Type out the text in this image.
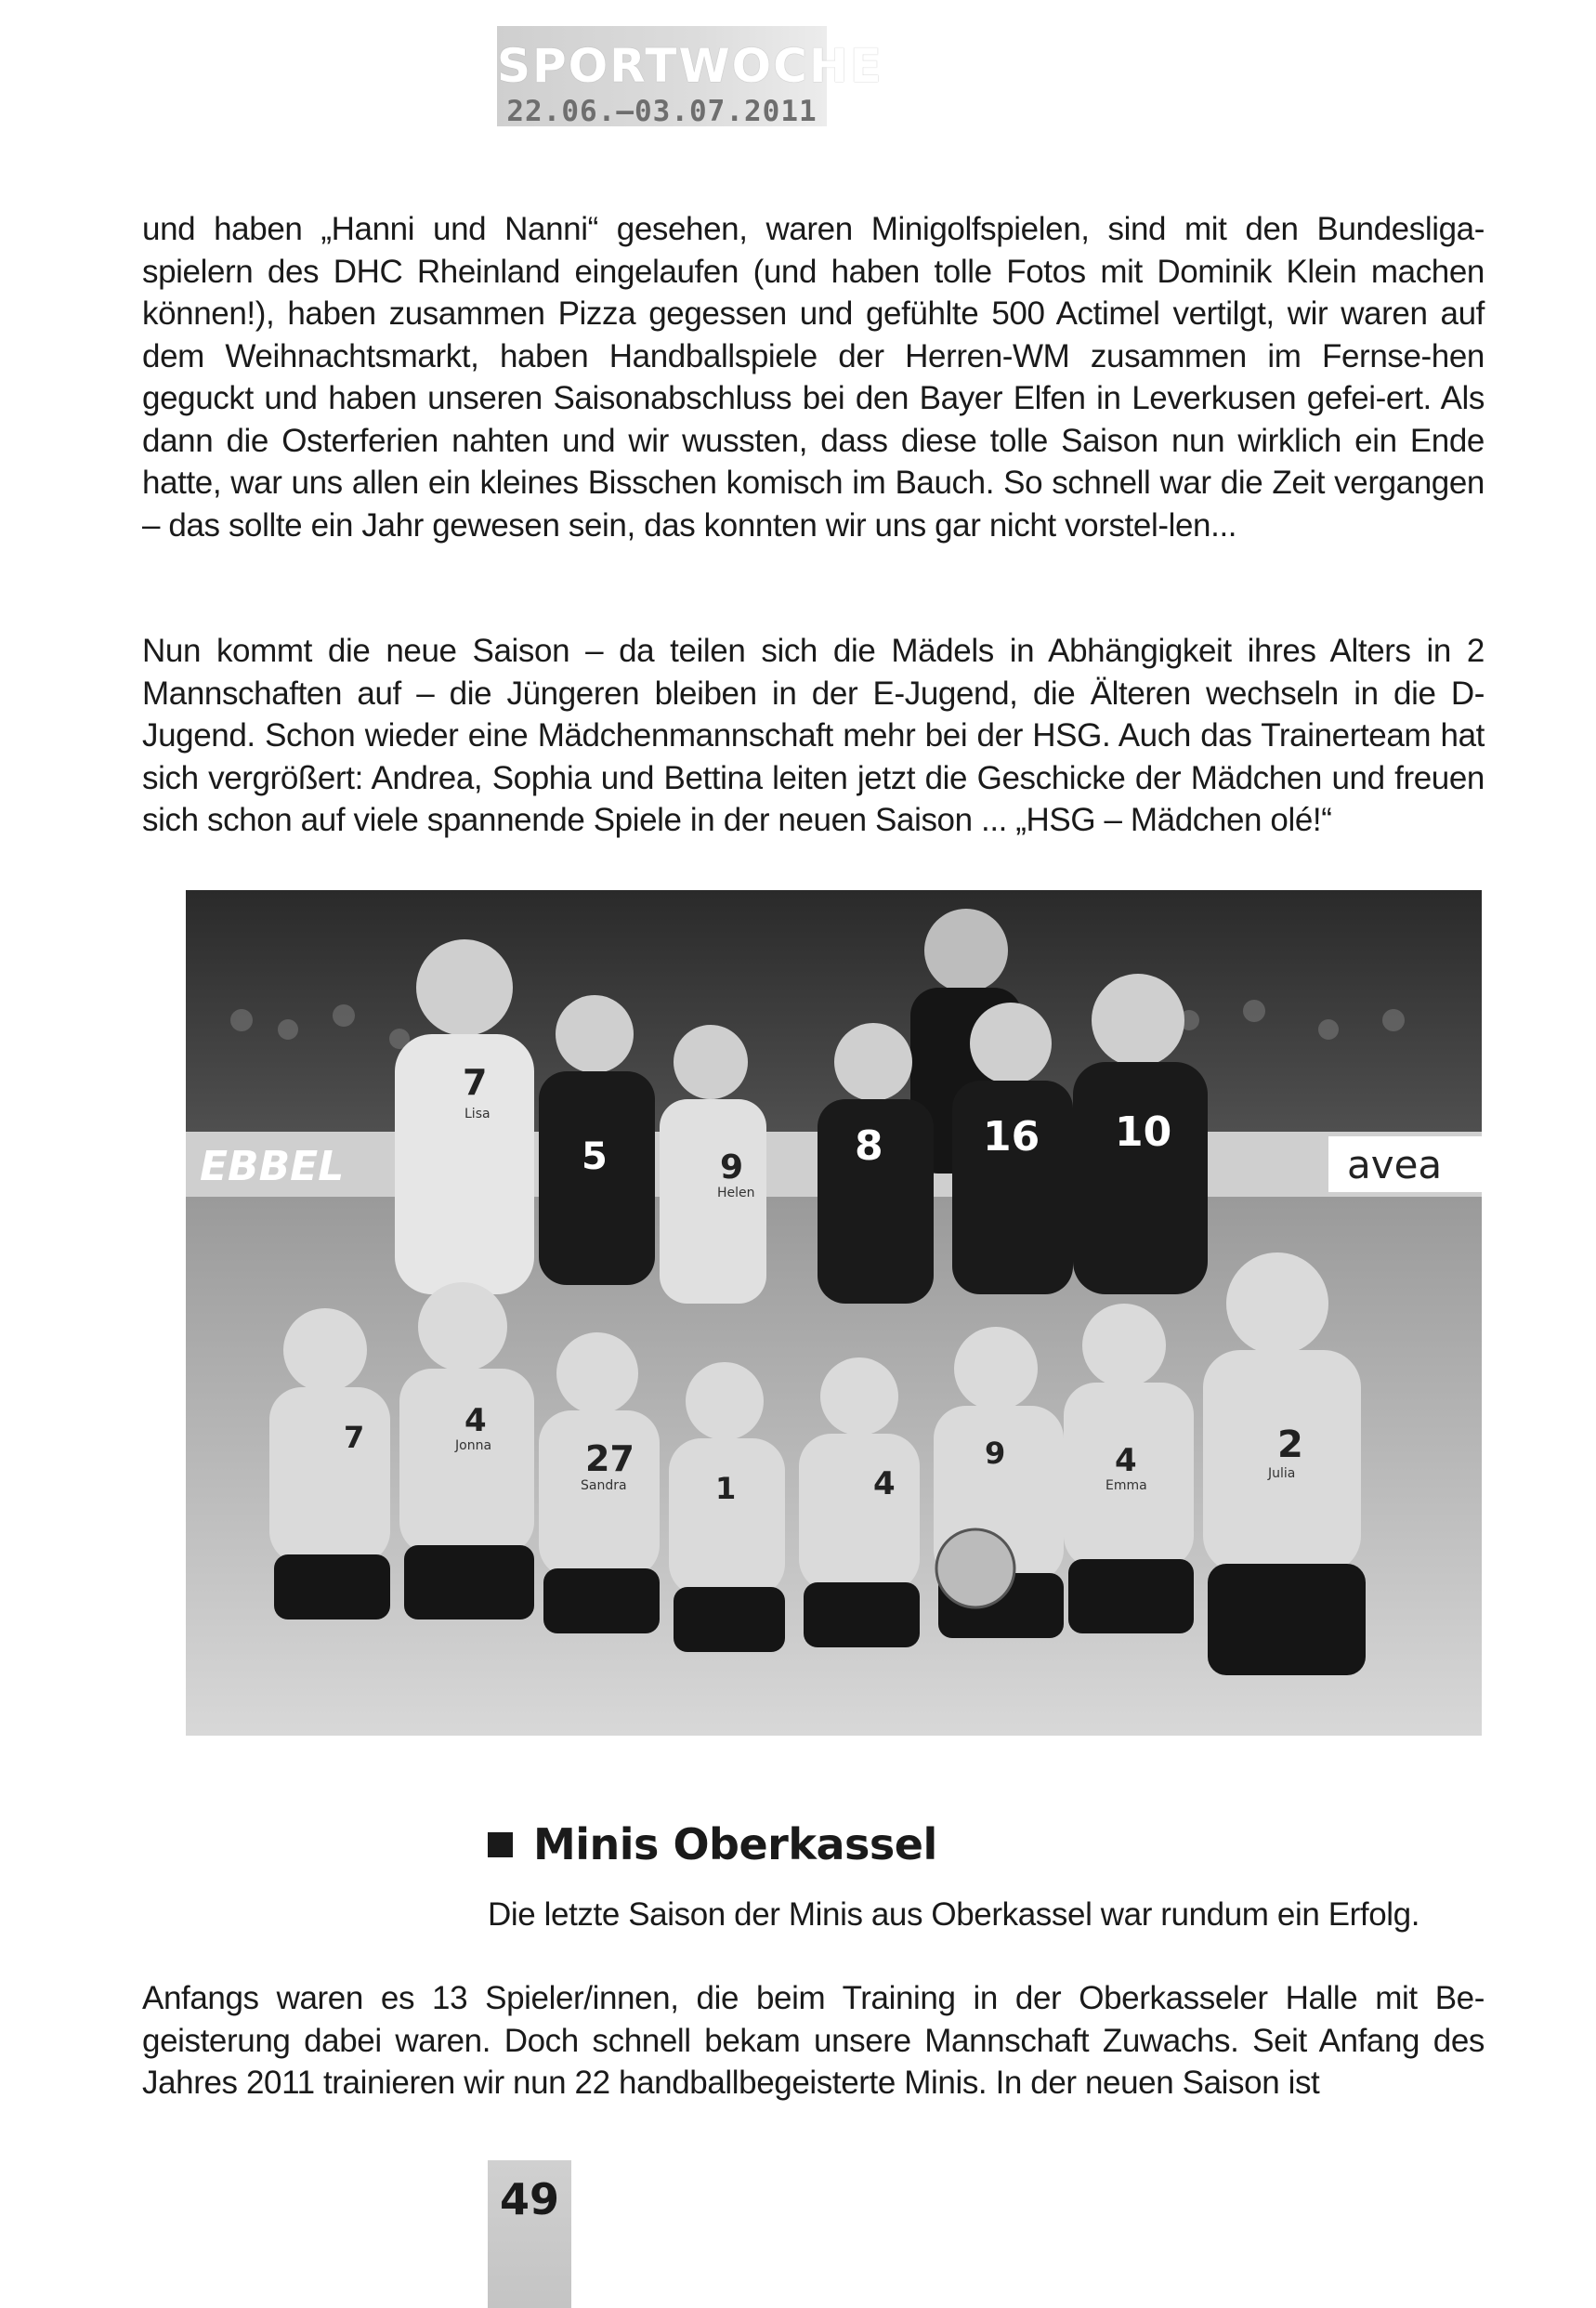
SPORTWOCHE
22.06.–03.07.2011
und haben „Hanni und Nanni“ gesehen, waren Minigolfspielen, sind mit den Bundesliga-spielern des DHC Rheinland eingelaufen (und haben tolle Fotos mit Dominik Klein machen können!), haben zusammen Pizza gegessen und gefühlte 500 Actimel vertilgt, wir waren auf dem Weihnachtsmarkt, haben Handballspiele der Herren-WM zusammen im Fernse-hen geguckt und haben unseren Saisonabschluss bei den Bayer Elfen in Leverkusen gefei-ert. Als dann die Osterferien nahten und wir wussten, dass diese tolle Saison nun wirklich ein Ende hatte, war uns allen ein kleines Bisschen komisch im Bauch. So schnell war die Zeit vergangen – das sollte ein Jahr gewesen sein, das konnten wir uns gar nicht vorstel-len...
Nun kommt die neue Saison – da teilen sich die Mädels in Abhängigkeit ihres Alters in 2 Mannschaften auf – die Jüngeren bleiben in der E-Jugend, die Älteren wechseln in die D-Jugend. Schon wieder eine Mädchenmannschaft mehr bei der HSG. Auch das Trainerteam hat sich vergrößert: Andrea, Sophia und Bettina leiten jetzt die Geschicke der Mädchen und freuen sich schon auf viele spannende Spiele in der neuen Saison ... „HSG – Mädchen olé!“
EBBEL	avea
7
5	9	8 16 10
7	4
27
1	4
9	4	2
Lisa
Helen
Jonna
Sandra	Emma
Julia
Minis Oberkassel
Die letzte Saison der Minis aus Oberkassel war rundum ein Erfolg.
Anfangs waren es 13 Spieler/innen, die beim Training in der Oberkasseler Halle mit Be-geisterung dabei waren. Doch schnell bekam unsere Mannschaft Zuwachs. Seit Anfang des Jahres 2011 trainieren wir nun 22 handballbegeisterte Minis. In der neuen Saison ist
49
